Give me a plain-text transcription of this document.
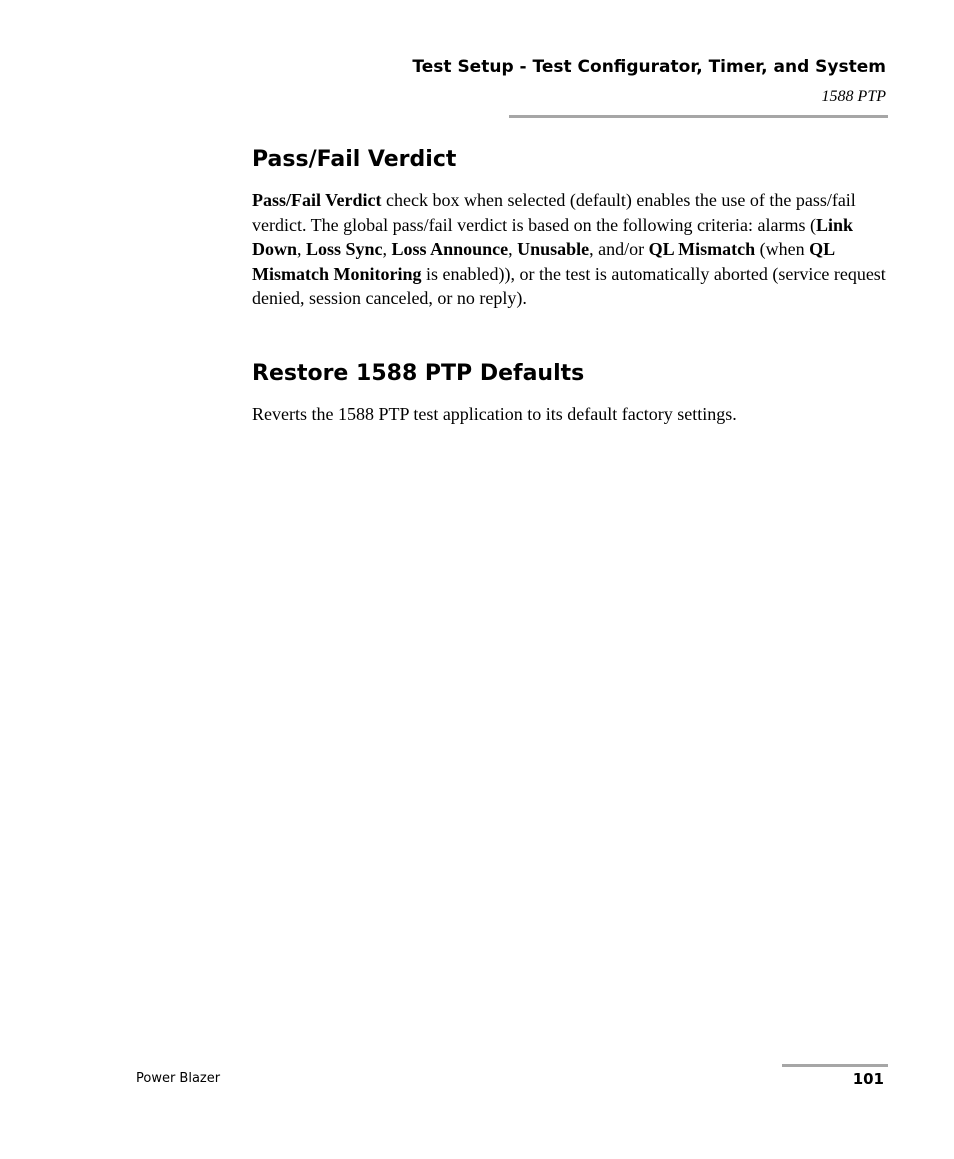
Test Setup - Test Configurator, Timer, and System
1588 PTP
Pass/Fail Verdict

Pass/Fail Verdict check box when selected (default) enables the use of the pass/fail verdict. The global pass/fail verdict is based on the following criteria: alarms (Link Down, Loss Sync, Loss Announce, Unusable, and/or QL Mismatch (when QL Mismatch Monitoring is enabled)), or the test is automatically aborted (service request denied, session canceled, or no reply).

Restore 1588 PTP Defaults

Reverts the 1588 PTP test application to its default factory settings.

Power Blazer	101
